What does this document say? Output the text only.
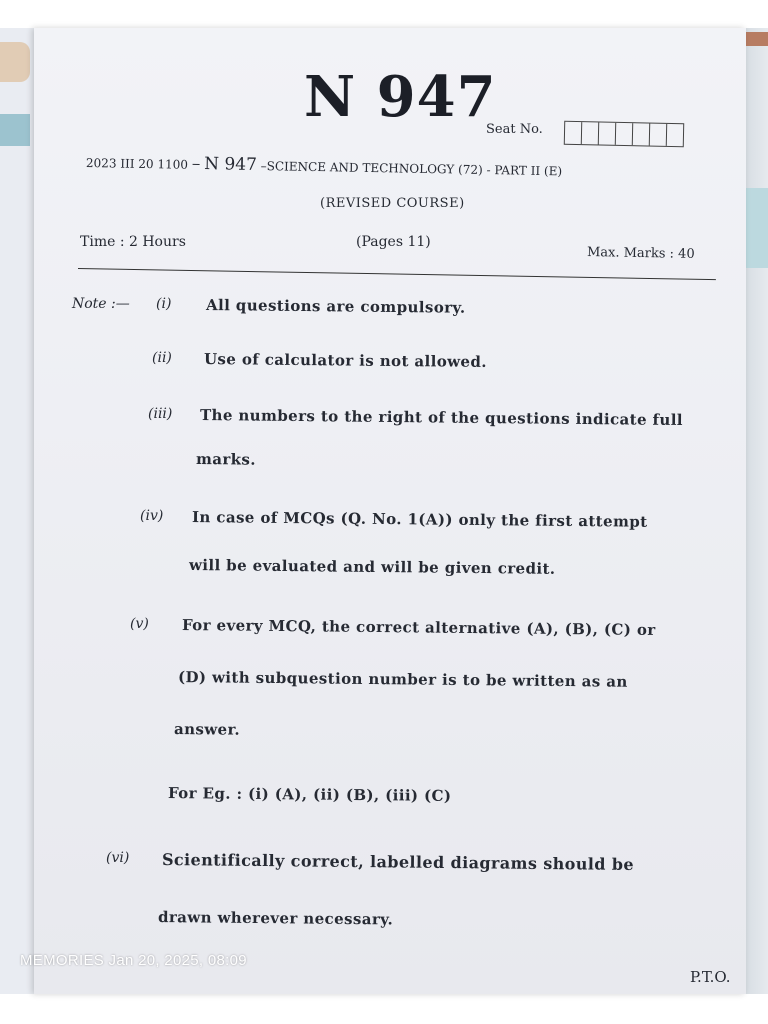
N 947
Seat No.
2023 III 20 1100 – N 947 –SCIENCE AND TECHNOLOGY (72) - PART II (E)
(REVISED COURSE)
Time : 2 Hours	(Pages 11)
Max. Marks : 40
Note :— (i) All questions are compulsory.
(ii) Use of calculator is not allowed.
(iii) The numbers to the right of the questions indicate full
marks.
(iv) In case of MCQs (Q. No. 1(A)) only the first attempt
will be evaluated and will be given credit.
(v) For every MCQ, the correct alternative (A), (B), (C) or
(D) with subquestion number is to be written as an
answer.
For Eg. : (i) (A), (ii) (B), (iii) (C)
(vi) Scientifically correct, labelled diagrams should be
drawn wherever necessary.
P.T.O.
MEMORIES Jan 20, 2025, 08:09
